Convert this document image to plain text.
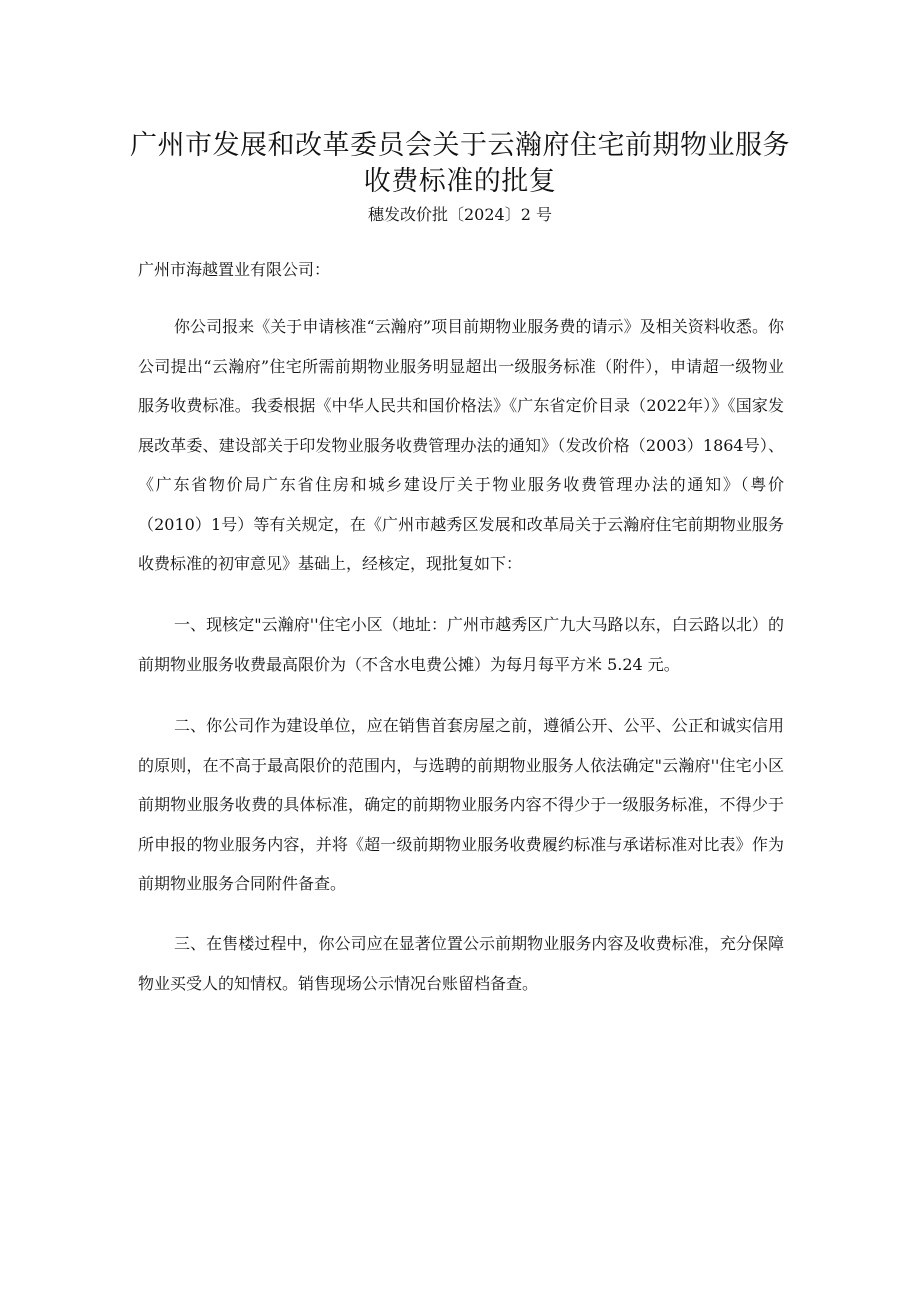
广州市发展和改革委员会关于云瀚府住宅前期物业服务收费标准的批复
穗发改价批〔2024〕2 号
广州市海越置业有限公司：

你公司报来《关于申请核准“云瀚府”项目前期物业服务费的请示》及相关资料收悉。你公司提出“云瀚府”住宅所需前期物业服务明显超出一级服务标准（附件），申请超一级物业服务收费标准。我委根据《中华人民共和国价格法》《广东省定价目录（2022年）》《国家发展改革委、建设部关于印发物业服务收费管理办法的通知》（发改价格（2003）1864号）、《广东省物价局广东省住房和城乡建设厅关于物业服务收费管理办法的通知》（粤价（2010）1号）等有关规定，在《广州市越秀区发展和改革局关于云瀚府住宅前期物业服务收费标准的初审意见》基础上，经核定，现批复如下：

一、现核定"云瀚府''住宅小区（地址：广州市越秀区广九大马路以东，白云路以北）的前期物业服务收费最高限价为（不含水电费公摊）为每月每平方米 5.24 元。

二、你公司作为建设单位，应在销售首套房屋之前，遵循公开、公平、公正和诚实信用的原则，在不高于最高限价的范围内，与选聘的前期物业服务人依法确定"云瀚府''住宅小区前期物业服务收费的具体标准，确定的前期物业服务内容不得少于一级服务标准，不得少于所申报的物业服务内容，并将《超一级前期物业服务收费履约标准与承诺标准对比表》作为前期物业服务合同附件备查。

三、在售楼过程中，你公司应在显著位置公示前期物业服务内容及收费标准，充分保障物业买受人的知情权。销售现场公示情况台账留档备查。
